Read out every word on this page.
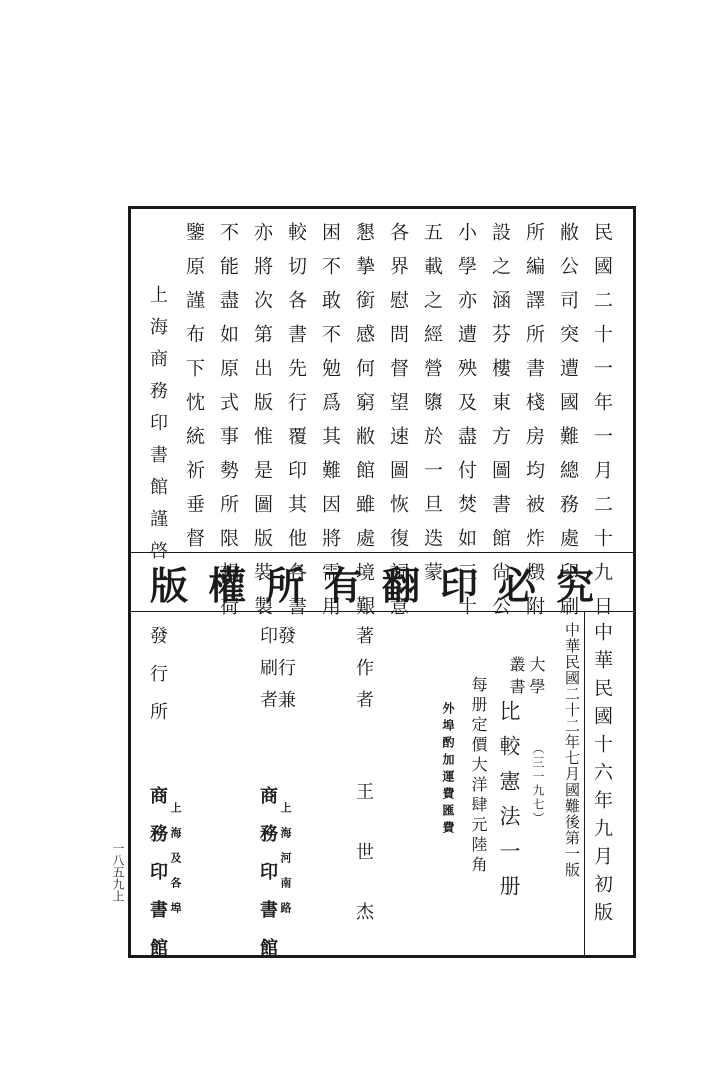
民國二十一年一月二十九日
敝公司突遭國難總務處印刷
所編譯所書棧房均被炸燬附
設之涵芬樓東方圖書館尙公
小學亦遭殃及盡付焚如三十
五載之經營隳於一旦迭蒙
各界慰問督望速圖恢復詞意
懇摯銜感何窮敝館雖處境艱
困不敢不勉爲其難因將需用
較切各書先行覆印其他各書
亦將次第出版惟是圖版裝製
不能盡如原式事勢所限想荷
鑒原謹布下忱統祈垂督
上海商務印書館謹啓
版權所有翻印必究
中華民國十六年九月初版
中華民國二十二年七月國難後第一版
大學
叢書
比較憲法一册 （三一九七）
每册定價大洋肆元陸角
外埠酌加運費匯費
著作者
王世杰
發行兼
印刷者
商務印書館 上海河南路
發行所
商務印書館 上海及各埠
一八五九上
